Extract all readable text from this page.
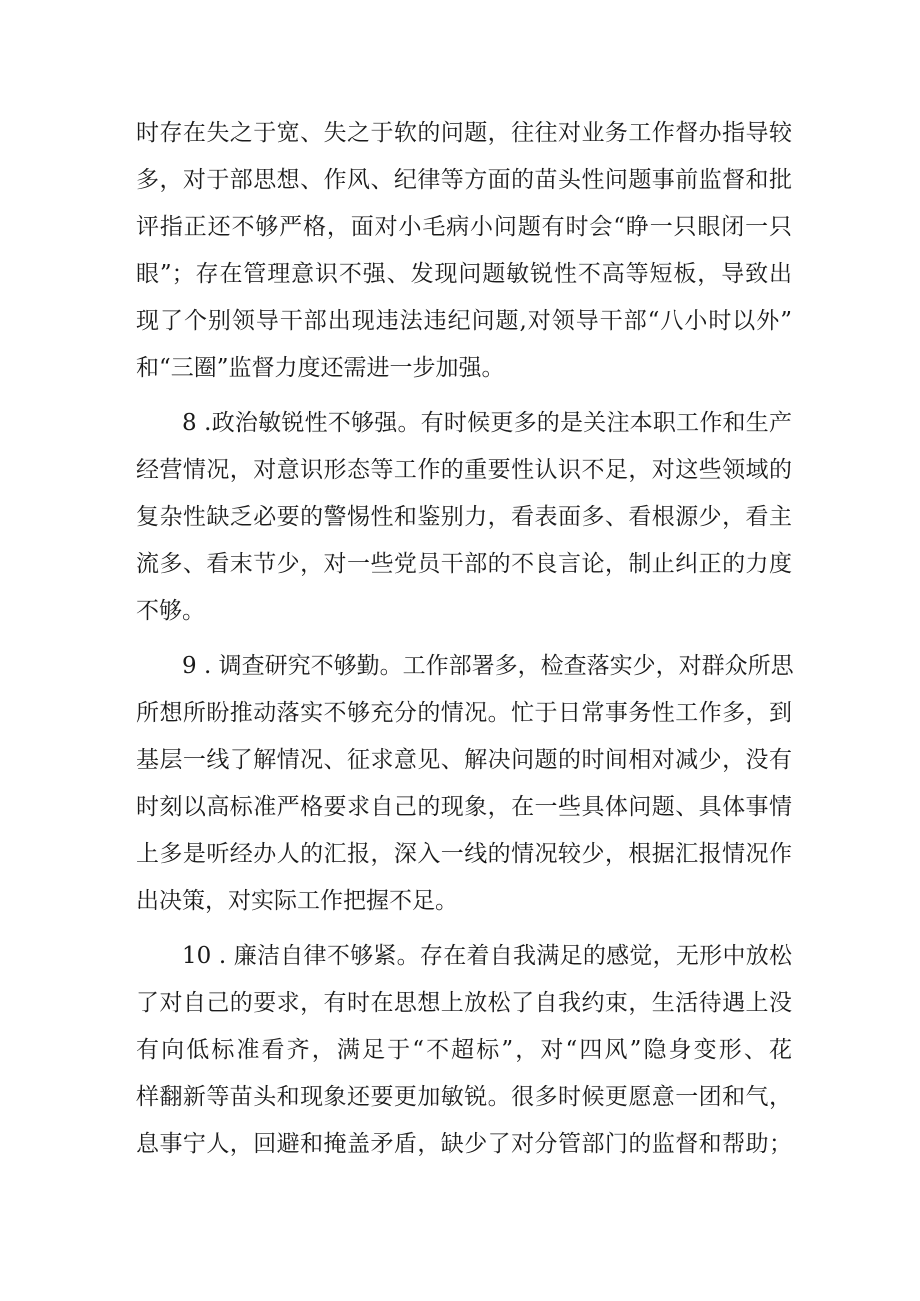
时存在失之于宽、失之于软的问题，往往对业务工作督办指导较
多，对于部思想、作风、纪律等方面的苗头性问题事前监督和批
评指正还不够严格，面对小毛病小问题有时会“睁一只眼闭一只
眼”；存在管理意识不强、发现问题敏锐性不高等短板，导致出
现了个别领导干部出现违法违纪问题,对领导干部“八小时以外”
和“三圈”监督力度还需进一步加强。
8 .政治敏锐性不够强。有时候更多的是关注本职工作和生产
经营情况，对意识形态等工作的重要性认识不足，对这些领域的
复杂性缺乏必要的警惕性和鉴别力，看表面多、看根源少，看主
流多、看末节少，对一些党员干部的不良言论，制止纠正的力度
不够。
9 . 调查研究不够勤。工作部署多，检查落实少，对群众所思
所想所盼推动落实不够充分的情况。忙于日常事务性工作多，到
基层一线了解情况、征求意见、解决问题的时间相对减少，没有
时刻以高标准严格要求自己的现象，在一些具体问题、具体事情
上多是听经办人的汇报，深入一线的情况较少，根据汇报情况作
出决策，对实际工作把握不足。
10 . 廉洁自律不够紧。存在着自我满足的感觉，无形中放松
了对自己的要求，有时在思想上放松了自我约束，生活待遇上没
有向低标准看齐，满足于“不超标”，对“四风”隐身变形、花
样翻新等苗头和现象还要更加敏锐。很多时候更愿意一团和气，
息事宁人，回避和掩盖矛盾，缺少了对分管部门的监督和帮助；
